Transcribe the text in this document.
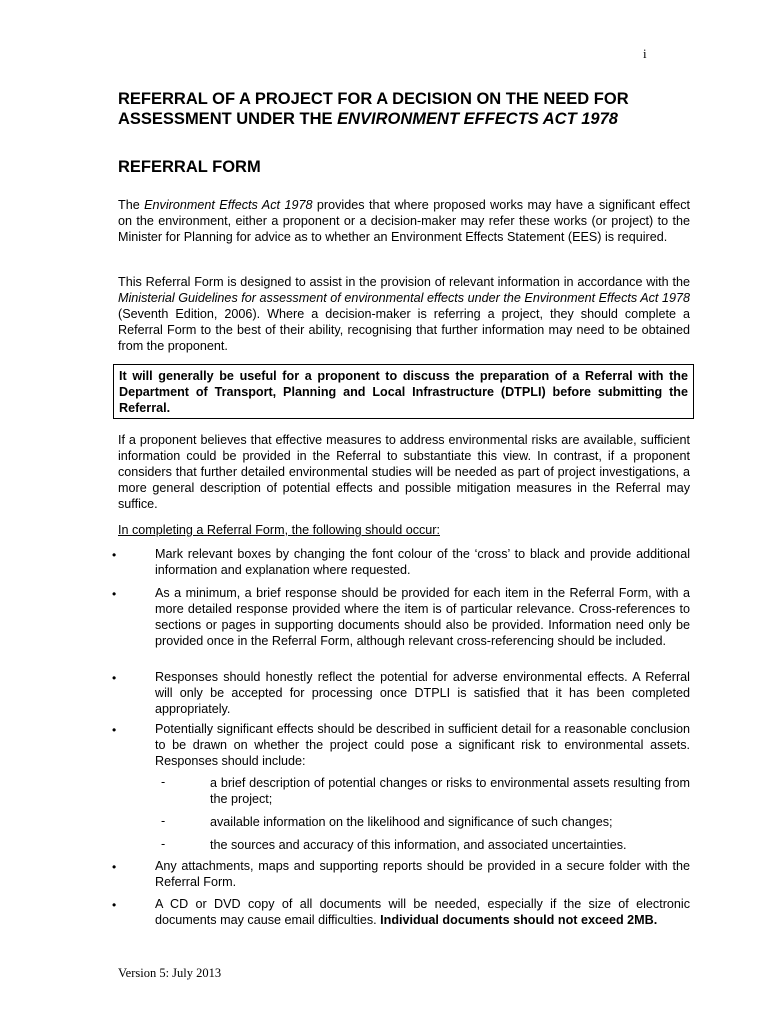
i
REFERRAL OF A PROJECT FOR A DECISION ON THE NEED FOR
ASSESSMENT UNDER THE ENVIRONMENT EFFECTS ACT 1978
REFERRAL FORM

The Environment Effects Act 1978 provides that where proposed works may have a significant effect on the environment, either a proponent or a decision-maker may refer these works (or project) to the Minister for Planning for advice as to whether an Environment Effects Statement (EES) is required.

This Referral Form is designed to assist in the provision of relevant information in accordance with the Ministerial Guidelines for assessment of environmental effects under the Environment Effects Act 1978 (Seventh Edition, 2006). Where a decision-maker is referring a project, they should complete a Referral Form to the best of their ability, recognising that further information may need to be obtained from the proponent.

It will generally be useful for a proponent to discuss the preparation of a Referral with the Department of Transport, Planning and Local Infrastructure (DTPLI) before submitting the Referral.

If a proponent believes that effective measures to address environmental risks are available, sufficient information could be provided in the Referral to substantiate this view. In contrast, if a proponent considers that further detailed environmental studies will be needed as part of project investigations, a more general description of potential effects and possible mitigation measures in the Referral may suffice.

In completing a Referral Form, the following should occur:
•	Mark relevant boxes by changing the font colour of the ‘cross’ to black and provide additional information and explanation where requested.

•	As a minimum, a brief response should be provided for each item in the Referral Form, with a more detailed response provided where the item is of particular relevance. Cross-references to sections or pages in supporting documents should also be provided. Information need only be provided once in the Referral Form, although relevant cross-referencing should be included.

•	Responses should honestly reflect the potential for adverse environmental effects. A Referral will only be accepted for processing once DTPLI is satisfied that it has been completed appropriately.

•	Potentially significant effects should be described in sufficient detail for a reasonable conclusion to be drawn on whether the project could pose a significant risk to environmental assets. Responses should include:

-	a brief description of potential changes or risks to environmental assets resulting from the project;

-	available information on the likelihood and significance of such changes;

-	the sources and accuracy of this information, and associated uncertainties.

•	Any attachments, maps and supporting reports should be provided in a secure folder with the Referral Form.

•	A CD or DVD copy of all documents will be needed, especially if the size of electronic documents may cause email difficulties. Individual documents should not exceed 2MB.

Version 5: July 2013
